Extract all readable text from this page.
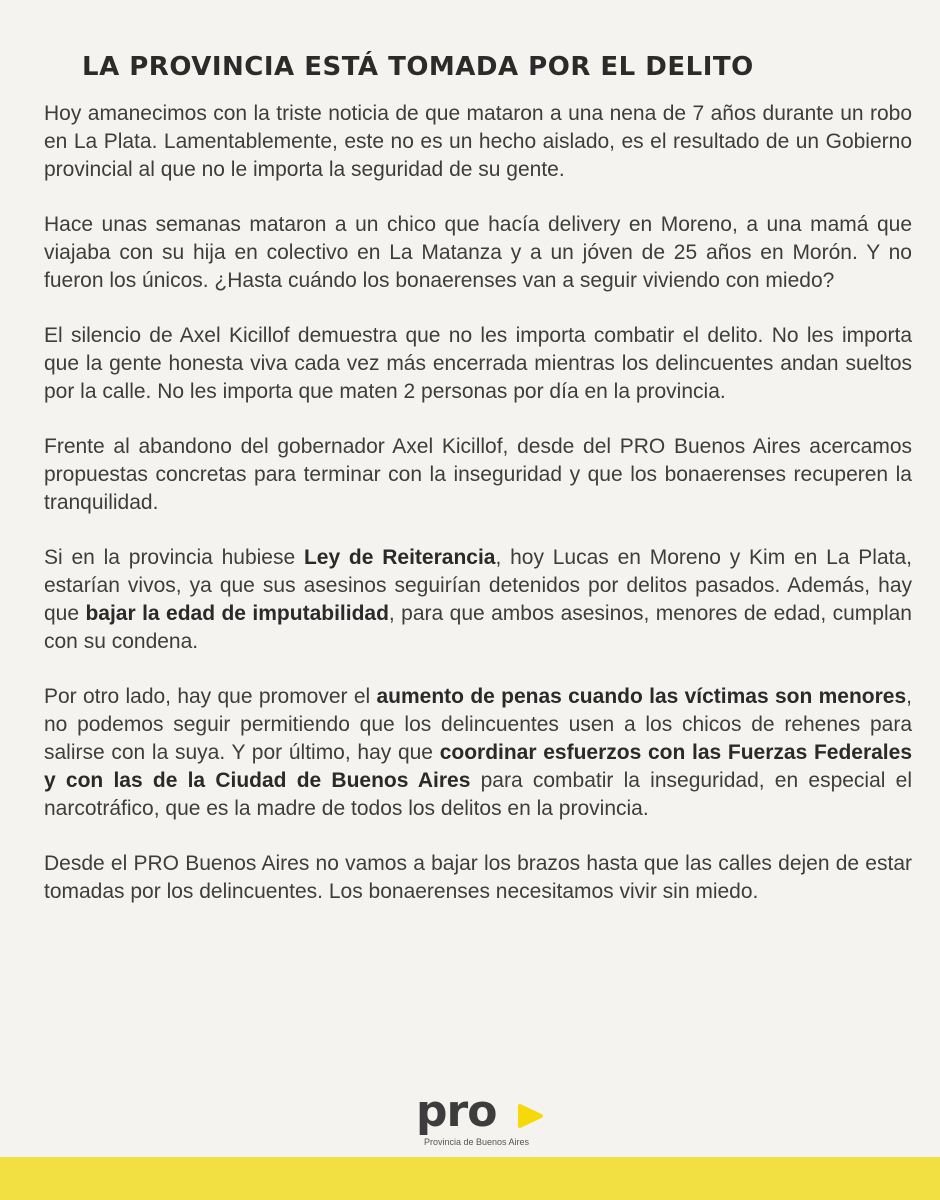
LA PROVINCIA ESTÁ TOMADA POR EL DELITO

Hoy amanecimos con la triste noticia de que mataron a una nena de 7 años durante un robo en La Plata. Lamentablemente, este no es un hecho aislado, es el resultado de un Gobierno provincial al que no le importa la seguridad de su gente.

Hace unas semanas mataron a un chico que hacía delivery en Moreno, a una mamá que viajaba con su hija en colectivo en La Matanza y a un jóven de 25 años en Morón. Y no fueron los únicos. ¿Hasta cuándo los bonaerenses van a seguir viviendo con miedo?

El silencio de Axel Kicillof demuestra que no les importa combatir el delito. No les importa que la gente honesta viva cada vez más encerrada mientras los delincuentes andan sueltos por la calle. No les importa que maten 2 personas por día en la provincia.

Frente al abandono del gobernador Axel Kicillof, desde del PRO Buenos Aires acercamos propuestas concretas para terminar con la inseguridad y que los bonaerenses recuperen la tranquilidad.

Si en la provincia hubiese Ley de Reiterancia, hoy Lucas en Moreno y Kim en La Plata, estarían vivos, ya que sus asesinos seguirían detenidos por delitos pasados. Además, hay que bajar la edad de imputabilidad, para que ambos asesinos, menores de edad, cumplan con su condena.

Por otro lado, hay que promover el aumento de penas cuando las víctimas son menores, no podemos seguir permitiendo que los delincuentes usen a los chicos de rehenes para salirse con la suya. Y por último, hay que coordinar esfuerzos con las Fuerzas Federales y con las de la Ciudad de Buenos Aires para combatir la inseguridad, en especial el narcotráfico, que es la madre de todos los delitos en la provincia.

Desde el PRO Buenos Aires no vamos a bajar los brazos hasta que las calles dejen de estar tomadas por los delincuentes. Los bonaerenses necesitamos vivir sin miedo.

pro
Provincia de Buenos Aires
